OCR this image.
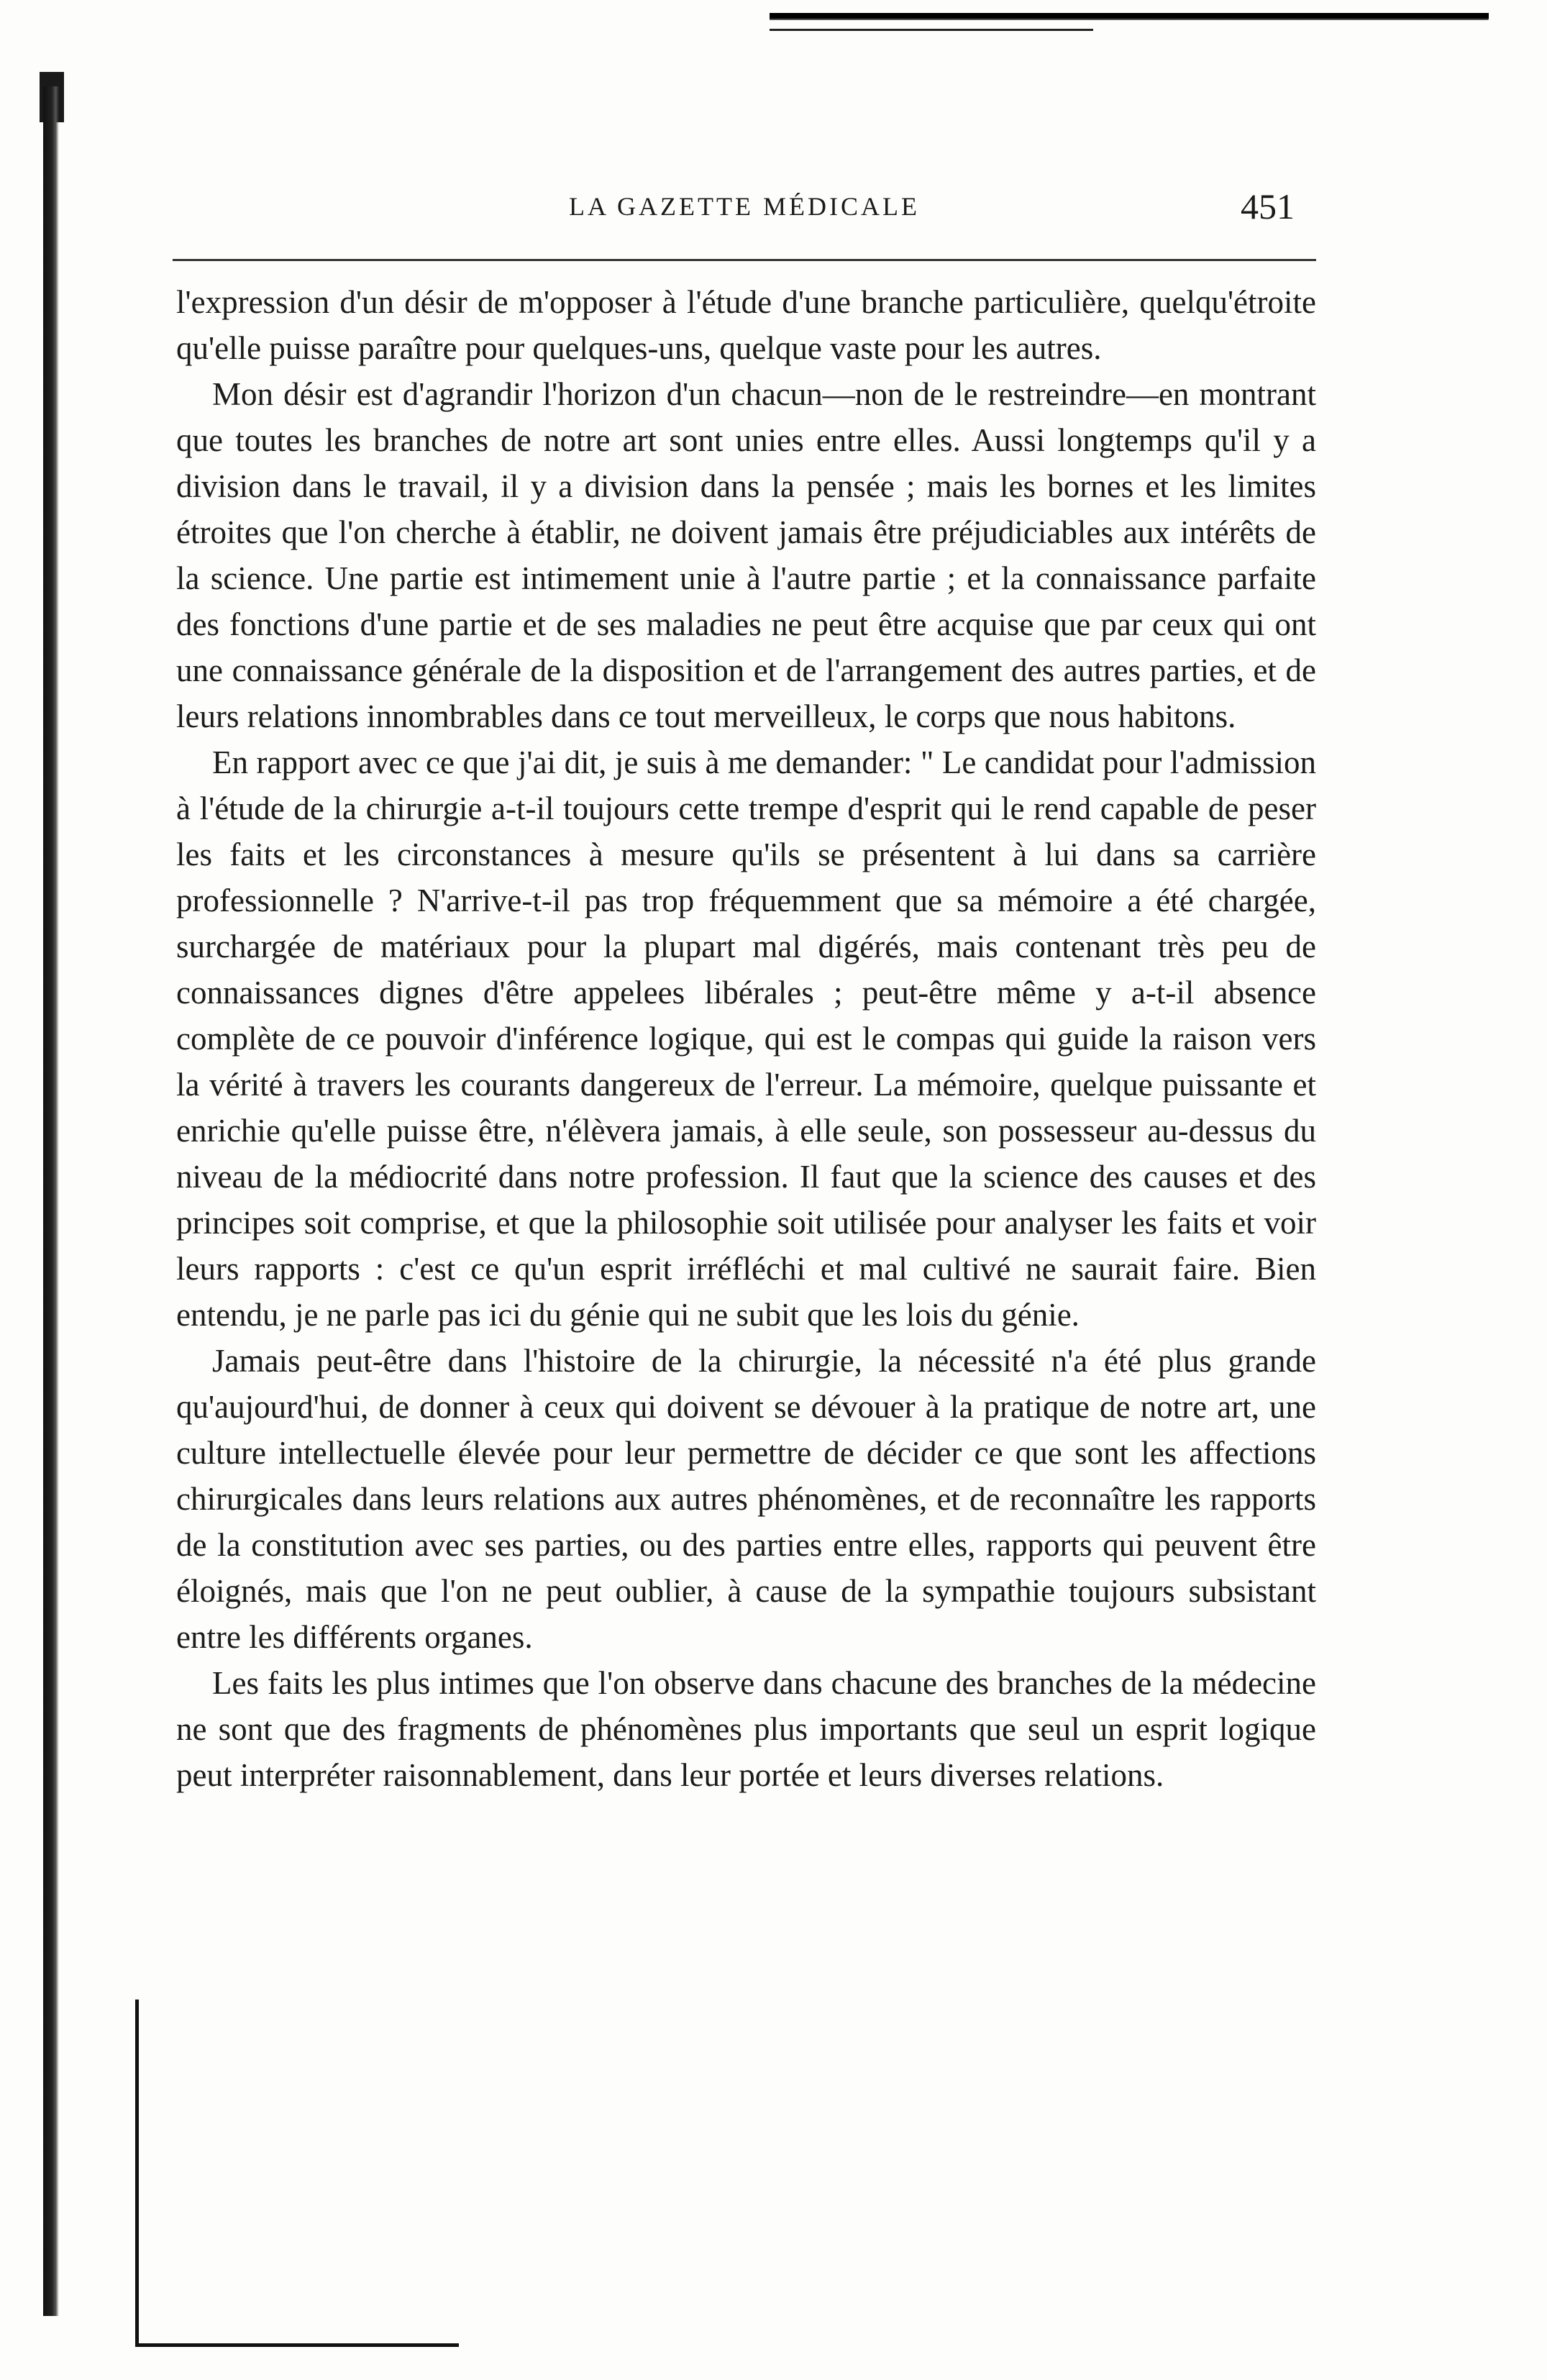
LA GAZETTE MÉDICALE	451

l'expression d'un désir de m'opposer à l'étude d'une branche particulière, quelqu'étroite qu'elle puisse paraître pour quelques-uns, quelque vaste pour les autres.

Mon désir est d'agrandir l'horizon d'un chacun—non de le restreindre—en montrant que toutes les branches de notre art sont unies entre elles. Aussi longtemps qu'il y a division dans le travail, il y a division dans la pensée ; mais les bornes et les limites étroites que l'on cherche à établir, ne doivent jamais être préjudiciables aux intérêts de la science. Une partie est intimement unie à l'autre partie ; et la connaissance parfaite des fonctions d'une partie et de ses maladies ne peut être acquise que par ceux qui ont une connaissance générale de la disposition et de l'arrangement des autres parties, et de leurs relations innombrables dans ce tout merveilleux, le corps que nous habitons.

En rapport avec ce que j'ai dit, je suis à me demander: " Le candidat pour l'admission à l'étude de la chirurgie a-t-il toujours cette trempe d'esprit qui le rend capable de peser les faits et les circonstances à mesure qu'ils se présentent à lui dans sa carrière professionnelle ? N'arrive-t-il pas trop fréquemment que sa mémoire a été chargée, surchargée de matériaux pour la plupart mal digérés, mais contenant très peu de connaissances dignes d'être appelees libérales ; peut-être même y a-t-il absence complète de ce pouvoir d'inférence logique, qui est le compas qui guide la raison vers la vérité à travers les courants dangereux de l'erreur. La mémoire, quelque puissante et enrichie qu'elle puisse être, n'élèvera jamais, à elle seule, son possesseur au-dessus du niveau de la médiocrité dans notre profession. Il faut que la science des causes et des principes soit comprise, et que la philosophie soit utilisée pour analyser les faits et voir leurs rapports : c'est ce qu'un esprit irréfléchi et mal cultivé ne saurait faire. Bien entendu, je ne parle pas ici du génie qui ne subit que les lois du génie.

Jamais peut-être dans l'histoire de la chirurgie, la nécessité n'a été plus grande qu'aujourd'hui, de donner à ceux qui doivent se dévouer à la pratique de notre art, une culture intellectuelle élevée pour leur permettre de décider ce que sont les affections chirurgicales dans leurs relations aux autres phénomènes, et de reconnaître les rapports de la constitution avec ses parties, ou des parties entre elles, rapports qui peuvent être éloignés, mais que l'on ne peut oublier, à cause de la sympathie toujours subsistant entre les différents organes.

Les faits les plus intimes que l'on observe dans chacune des branches de la médecine ne sont que des fragments de phénomènes plus importants que seul un esprit logique peut interpréter raisonnablement, dans leur portée et leurs diverses relations.
